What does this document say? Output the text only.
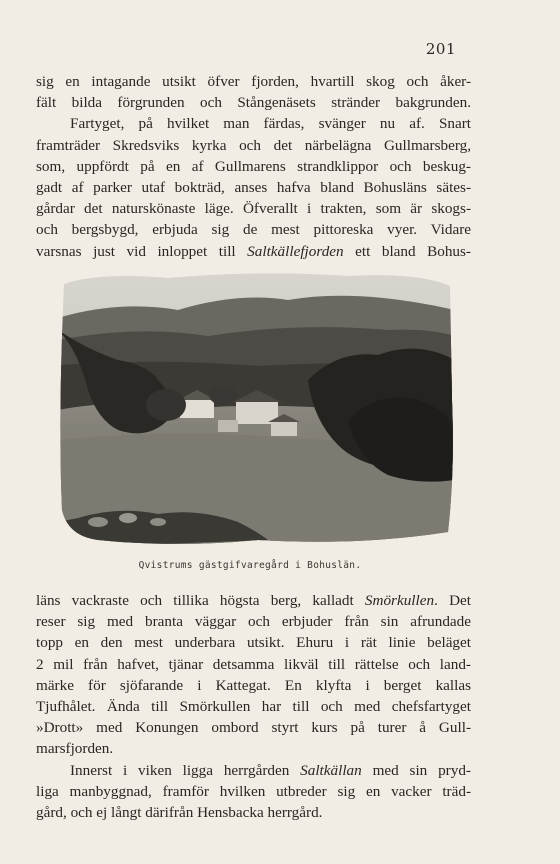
201

sig en intagande utsikt öfver fjorden, hvartill skog och åker-
fält bilda förgrunden och Stångenäsets stränder bakgrunden.
Fartyget, på hvilket man färdas, svänger nu af. Snart
framträder Skredsviks kyrka och det närbelägna Gullmarsberg,
som, uppfördt på en af Gullmarens strandklippor och beskug-
gadt af parker utaf bokträd, anses hafva bland Bohusläns sätes-
gårdar det naturskönaste läge. Öfverallt i trakten, som är skogs-
och bergsbygd, erbjuda sig de mest pittoreska vyer. Vidare
varsnas just vid inloppet till Saltkällefjorden ett bland Bohus-

Qvistrums gästgifvaregård i Bohuslän.

läns vackraste och tillika högsta berg, kalladt Smörkullen. Det
reser sig med branta väggar och erbjuder från sin afrundade
topp en den mest underbara utsikt. Ehuru i rät linie beläget
2 mil från hafvet, tjänar detsamma likväl till rättelse och land-
märke för sjöfarande i Kattegat. En klyfta i berget kallas
Tjufhålet. Ända till Smörkullen har till och med chefsfartyget
»Drott» med Konungen ombord styrt kurs på turer å Gull-
marsfjorden.
Innerst i viken ligga herrgården Saltkällan med sin pryd-
liga manbyggnad, framför hvilken utbreder sig en vacker träd-
gård, och ej långt därifrån Hensbacka herrgård.
